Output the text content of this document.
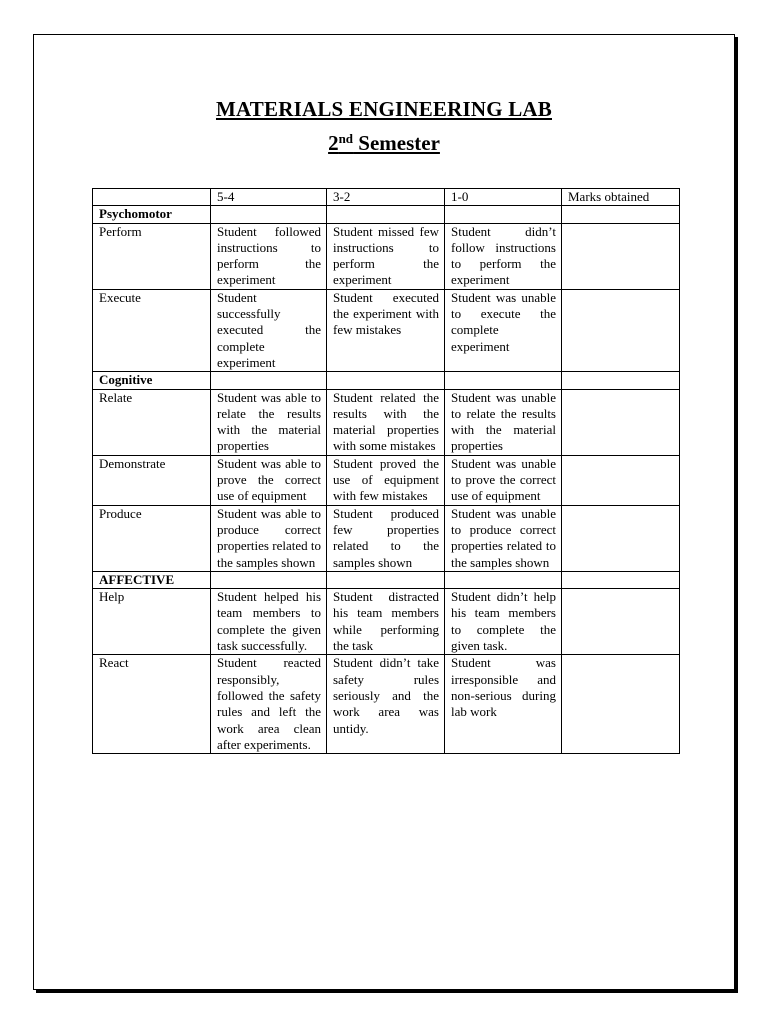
MATERIALS ENGINEERING LAB
2nd Semester
	5-4	3-2	1-0	Marks obtained
Psychomotor				
Perform	Student followed instructions to perform the experiment	Student missed few instructions to perform the experiment	Student didn’t follow instructions to perform the experiment	
Execute	Student successfully executed the complete experiment	Student executed the experiment with few mistakes	Student was unable to execute the complete experiment	
Cognitive				
Relate	Student was able to relate the results with the material properties	Student related the results with the material properties with some mistakes	Student was unable to relate the results with the material properties	
Demonstrate	Student was able to prove the correct use of equipment	Student proved the use of equipment with few mistakes	Student was unable to prove the correct use of equipment	
Produce	Student was able to produce correct properties related to the samples shown	Student produced few properties related to the samples shown	Student was unable to produce correct properties related to the samples shown	
AFFECTIVE				
Help	Student helped his team members to complete the given task successfully.	Student distracted his team members while performing the task	Student didn’t help his team members to complete the given task.	
React	Student reacted responsibly, followed the safety rules and left the work area clean after experiments.	Student didn’t take safety rules seriously and the work area was untidy.	Student was irresponsible and non-serious during lab work	
